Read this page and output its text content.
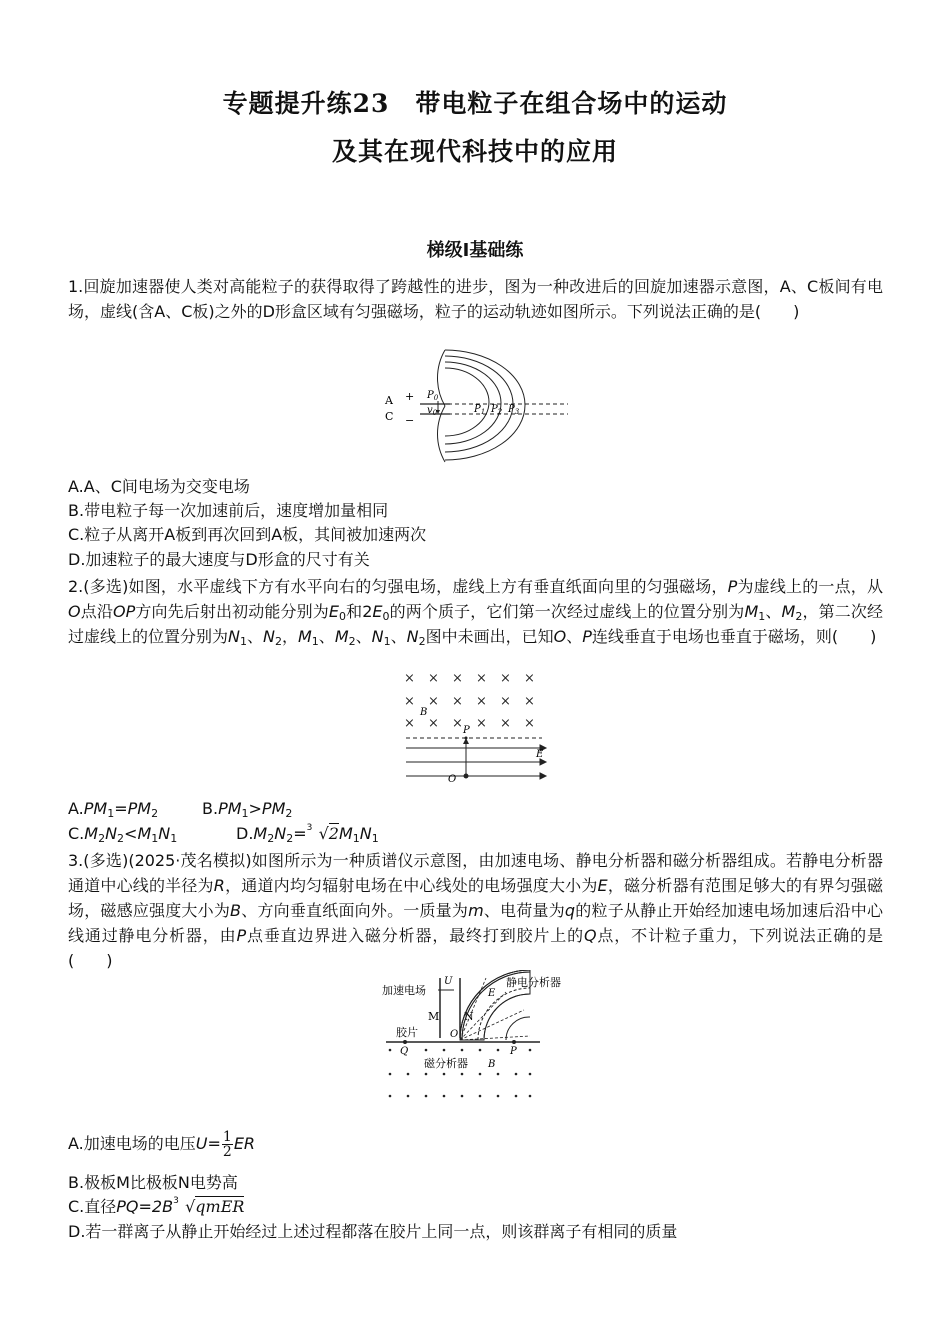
专题提升练23　带电粒子在组合场中的运动
及其在现代科技中的应用
梯级Ⅰ基础练
1.回旋加速器使人类对高能粒子的获得取得了跨越性的进步，图为一种改进后的回旋加速器示意图，A、C板间有电场，虚线(含A、C板)之外的D形盒区域有匀强磁场，粒子的运动轨迹如图所示。下列说法正确的是(　　)
A
C
+
−
$P_0$
$v_0$	$P_1$ $P_2$ $P_3$
A.A、C间电场为交变电场
B.带电粒子每一次加速前后，速度增加量相同
C.粒子从离开A板到再次回到A板，其间被加速两次
D.加速粒子的最大速度与D形盒的尺寸有关
2.(多选)如图，水平虚线下方有水平向右的匀强电场，虚线上方有垂直纸面向里的匀强磁场，P为虚线上的一点，从O点沿OP方向先后射出初动能分别为$E_0$和$2E_0$的两个质子，它们第一次经过虚线上的位置分别为$M_1$、$M_2$，第二次经过虚线上的位置分别为$N_1$、$N_2$，$M_1$、$M_2$、$N_1$、$N_2$图中未画出，已知O、P连线垂直于电场也垂直于磁场，则(　　)
× × × × × ×
× × × × × ×
× × × × × ×
B
P
E
O
$A.PM_1=PM_2$	$B.PM_1>PM_2$
$C.M_2N_2<M_1N_1$	$D.M_2N_2= 3$ $√2M_1N_1$
3.(多选)(2025·茂名模拟)如图所示为一种质谱仪示意图，由加速电场、静电分析器和磁分析器组成。若静电分析器通道中心线的半径为R，通道内均匀辐射电场在中心线处的电场强度大小为E，磁分析器有范围足够大的有界匀强磁场，磁感应强度大小为B、方向垂直纸面向外。一质量为m、电荷量为q的粒子从静止开始经加速电场加速后沿中心线通过静电分析器，由P点垂直边界进入磁分析器，最终打到胶片上的Q点，不计粒子重力，下列说法正确的是(　　)
加速电场
U
M N
E
静电分析器
胶片	O
Q	P
磁分析器 B
A.加速电场的电压$U= \frac{1}{2}$ ER
B.极板M比极板N电势高
C.直径PQ=2B 3 √qmER
D.若一群离子从静止开始经过上述过程都落在胶片上同一点，则该群离子有相同的质量
